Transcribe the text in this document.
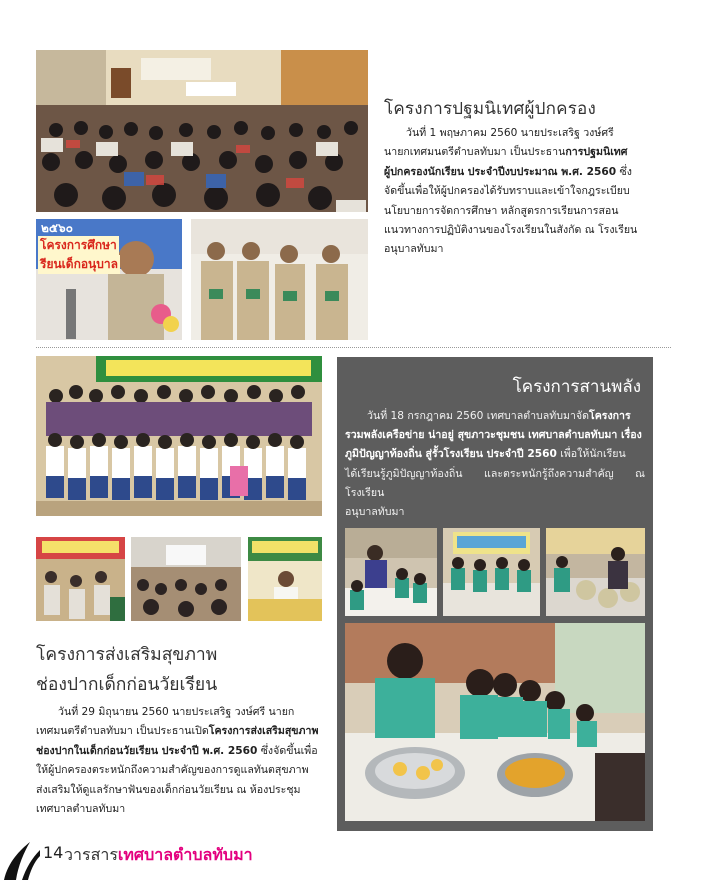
๒๕๖๐
โครงการศึกษา
รียนเด็กอนุบาล
โครงการปฐมนิเทศผู้ปกครอง
วันที่ 1 พฤษภาคม 2560 นายประเสริฐ วงษ์ศรี
นายกเทศมนตรีตำบลทับมา เป็นประธานการปฐมนิเทศ
ผู้ปกครองนักเรียน ประจำปีงบประมาณ พ.ศ. 2560 ซึ่ง
จัดขึ้นเพื่อให้ผู้ปกครองได้รับทราบและเข้าใจกฎระเบียบ
นโยบายการจัดการศึกษา หลักสูตรการเรียนการสอน
แนวทางการปฏิบัติงานของโรงเรียนในสังกัด ณ โรงเรียน
อนุบาลทับมา
โครงการส่งเสริมสุขภาพ
ช่องปากเด็กก่อนวัยเรียน
วันที่ 29 มิถุนายน 2560 นายประเสริฐ วงษ์ศรี นายก
เทศมนตรีตำบลทับมา เป็นประธานเปิดโครงการส่งเสริมสุขภาพ
ช่องปากในเด็กก่อนวัยเรียน ประจำปี พ.ศ. 2560 ซึ่งจัดขึ้นเพื่อ
ให้ผู้ปกครองตระหนักถึงความสำคัญของการดูแลทันตสุขภาพ
ส่งเสริมให้ดูแลรักษาฟันของเด็กก่อนวัยเรียน ณ ห้องประชุม
เทศบาลตำบลทับมา
โครงการสานพลัง
วันที่ 18 กรกฎาคม 2560 เทศบาลตำบลทับมาจัดโครงการ
รวมพลังเครือข่าย น่าอยู่ สุขภาวะชุมชน เทศบาลตำบลทับมา เรื่อง
ภูมิปัญญาท้องถิ่น สู่รั้วโรงเรียน ประจำปี 2560 เพื่อให้นักเรียน
ได้เรียนรู้ภูมิปัญญาท้องถิ่น และตระหนักรู้ถึงความสำคัญ ณ โรงเรียน
อนุบาลทับมา
14 วารสารเทศบาลตำบลทับมา
